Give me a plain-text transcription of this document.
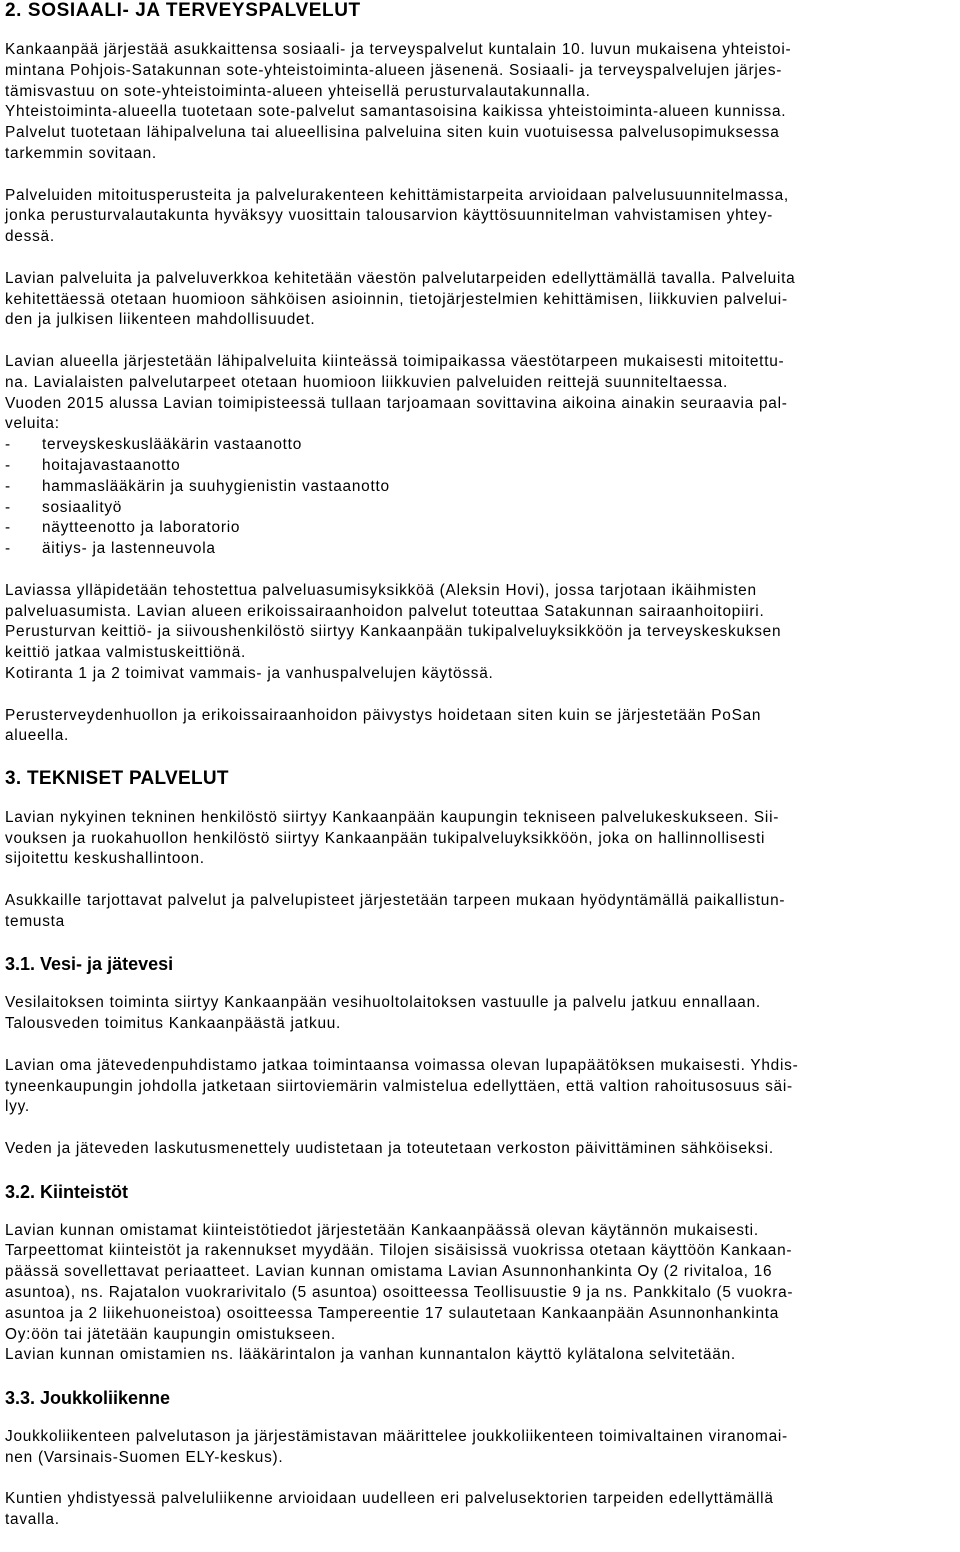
2. SOSIAALI- JA TERVEYSPALVELUT
Kankaanpää järjestää asukkaittensa sosiaali- ja terveyspalvelut kuntalain 10. luvun mukaisena yhteistoi-
mintana Pohjois-Satakunnan sote-yhteistoiminta-alueen jäsenenä. Sosiaali- ja terveyspalvelujen järjes-
tämisvastuu on sote-yhteistoiminta-alueen yhteisellä perusturvalautakunnalla.
Yhteistoiminta-alueella tuotetaan sote-palvelut samantasoisina kaikissa yhteistoiminta-alueen kunnissa.
Palvelut tuotetaan lähipalveluna tai alueellisina palveluina siten kuin vuotuisessa palvelusopimuksessa
tarkemmin sovitaan.
Palveluiden mitoitusperusteita ja palvelurakenteen kehittämistarpeita arvioidaan palvelusuunnitelmassa,
jonka perusturvalautakunta hyväksyy vuosittain talousarvion käyttösuunnitelman vahvistamisen yhtey-
dessä.
Lavian palveluita ja palveluverkkoa kehitetään väestön palvelutarpeiden edellyttämällä tavalla. Palveluita
kehitettäessä otetaan huomioon sähköisen asioinnin, tietojärjestelmien kehittämisen, liikkuvien palvelui-
den ja julkisen liikenteen mahdollisuudet.
Lavian alueella järjestetään lähipalveluita kiinteässä toimipaikassa väestötarpeen mukaisesti mitoitettu-
na. Lavialaisten palvelutarpeet otetaan huomioon liikkuvien palveluiden reittejä suunniteltaessa.
Vuoden 2015 alussa Lavian toimipisteessä tullaan tarjoamaan sovittavina aikoina ainakin seuraavia pal-
veluita:
- terveyskeskuslääkärin vastaanotto
- hoitajavastaanotto
- hammaslääkärin ja suuhygienistin vastaanotto
- sosiaalityö
- näytteenotto ja laboratorio
- äitiys- ja lastenneuvola
Laviassa ylläpidetään tehostettua palveluasumisyksikköä (Aleksin Hovi), jossa tarjotaan ikäihmisten
palveluasumista. Lavian alueen erikoissairaanhoidon palvelut toteuttaa Satakunnan sairaanhoitopiiri.
Perusturvan keittiö- ja siivoushenkilöstö siirtyy Kankaanpään tukipalveluyksikköön ja terveyskeskuksen
keittiö jatkaa valmistuskeittiönä.
Kotiranta 1 ja 2 toimivat vammais- ja vanhuspalvelujen käytössä.
Perusterveydenhuollon ja erikoissairaanhoidon päivystys hoidetaan siten kuin se järjestetään PoSan
alueella.
3. TEKNISET PALVELUT
Lavian nykyinen tekninen henkilöstö siirtyy Kankaanpään kaupungin tekniseen palvelukeskukseen. Sii-
vouksen ja ruokahuollon henkilöstö siirtyy Kankaanpään tukipalveluyksikköön, joka on hallinnollisesti
sijoitettu keskushallintoon.
Asukkaille tarjottavat palvelut ja palvelupisteet järjestetään tarpeen mukaan hyödyntämällä paikallistun-
temusta
3.1. Vesi- ja jätevesi
Vesilaitoksen toiminta siirtyy Kankaanpään vesihuoltolaitoksen vastuulle ja palvelu jatkuu ennallaan.
Talousveden toimitus Kankaanpäästä jatkuu.
Lavian oma jätevedenpuhdistamo jatkaa toimintaansa voimassa olevan lupapäätöksen mukaisesti. Yhdis-
tyneenkaupungin johdolla jatketaan siirtoviemärin valmistelua edellyttäen, että valtion rahoitusosuus säi-
lyy.
Veden ja jäteveden laskutusmenettely uudistetaan ja toteutetaan verkoston päivittäminen sähköiseksi.
3.2. Kiinteistöt
Lavian kunnan omistamat kiinteistötiedot järjestetään Kankaanpäässä olevan käytännön mukaisesti.
Tarpeettomat kiinteistöt ja rakennukset myydään. Tilojen sisäisissä vuokrissa otetaan käyttöön Kankaan-
päässä sovellettavat periaatteet. Lavian kunnan omistama Lavian Asunnonhankinta Oy (2 rivitaloa, 16
asuntoa), ns. Rajatalon vuokrarivitalo (5 asuntoa) osoitteessa Teollisuustie 9 ja ns. Pankkitalo (5 vuokra-
asuntoa ja 2 liikehuoneistoa) osoitteessa Tampereentie 17 sulautetaan Kankaanpään Asunnonhankinta
Oy:öön tai jätetään kaupungin omistukseen.
Lavian kunnan omistamien ns. lääkärintalon ja vanhan kunnantalon käyttö kylätalona selvitetään.
3.3. Joukkoliikenne
Joukkoliikenteen palvelutason ja järjestämistavan määrittelee joukkoliikenteen toimivaltainen viranomai-
nen (Varsinais-Suomen ELY-keskus).
Kuntien yhdistyessä palveluliikenne arvioidaan uudelleen eri palvelusektorien tarpeiden edellyttämällä
tavalla.
